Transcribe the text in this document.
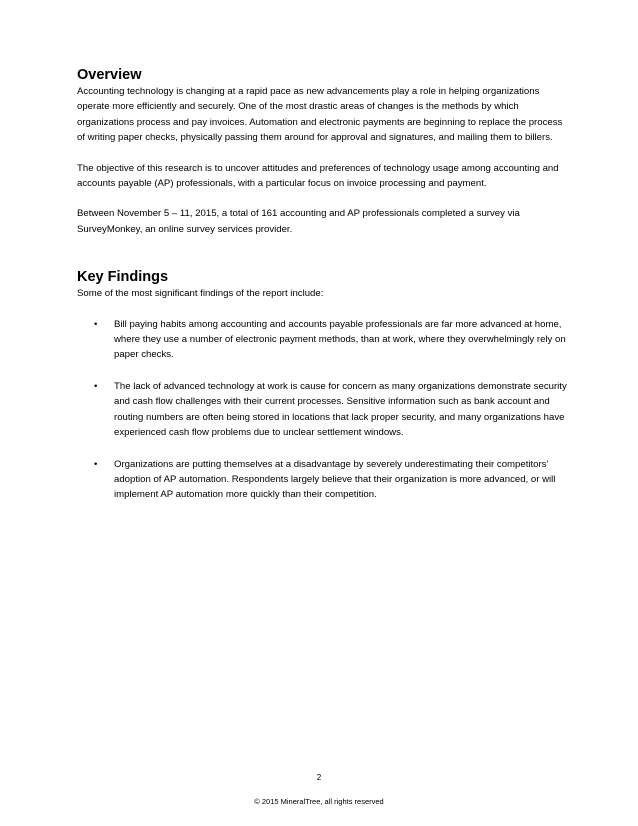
Overview

Accounting technology is changing at a rapid pace as new advancements play a role in helping organizations operate more efficiently and securely. One of the most drastic areas of changes is the methods by which organizations process and pay invoices. Automation and electronic payments are beginning to replace the process of writing paper checks, physically passing them around for approval and signatures, and mailing them to billers.

The objective of this research is to uncover attitudes and preferences of technology usage among accounting and accounts payable (AP) professionals, with a particular focus on invoice processing and payment.

Between November 5 – 11, 2015, a total of 161 accounting and AP professionals completed a survey via SurveyMonkey, an online survey services provider.

Key Findings

Some of the most significant findings of the report include:

• Bill paying habits among accounting and accounts payable professionals are far more advanced at home, where they use a number of electronic payment methods, than at work, where they overwhelmingly rely on paper checks.
• The lack of advanced technology at work is cause for concern as many organizations demonstrate security and cash flow challenges with their current processes. Sensitive information such as bank account and routing numbers are often being stored in locations that lack proper security, and many organizations have experienced cash flow problems due to unclear settlement windows.
• Organizations are putting themselves at a disadvantage by severely underestimating their competitors’ adoption of AP automation. Respondents largely believe that their organization is more advanced, or will implement AP automation more quickly than their competition.
2
© 2015 MineralTree, all rights reserved
